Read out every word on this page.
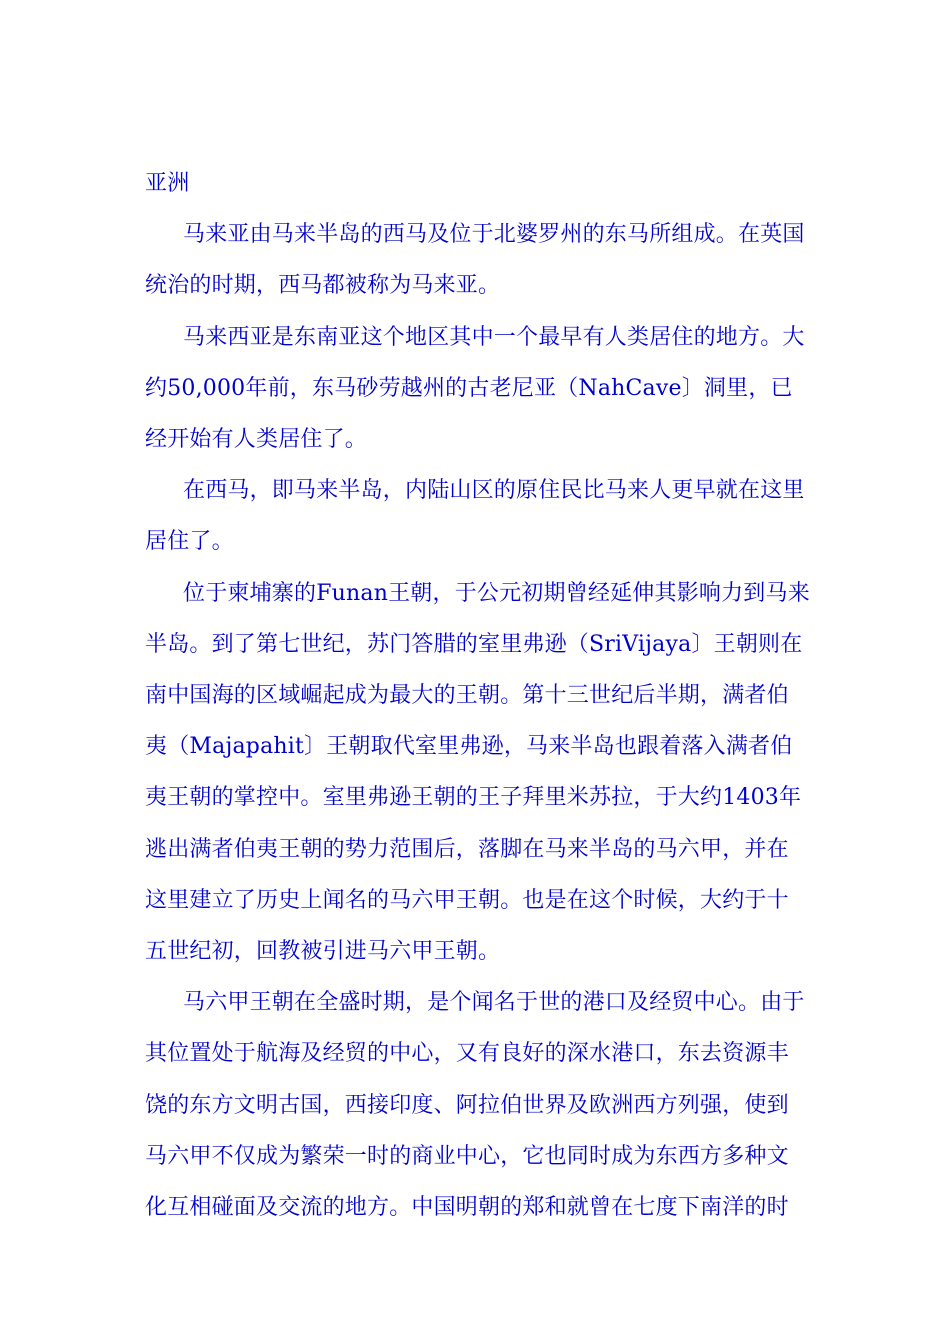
亚洲

马来亚由马来半岛的西马及位于北婆罗州的东马所组成。在英国统治的时期，西马都被称为马来亚。

马来西亚是东南亚这个地区其中一个最早有人类居住的地方。大约50,000年前，东马砂劳越州的古老尼亚（NahCave〕洞里，已经开始有人类居住了。

在西马，即马来半岛，内陆山区的原住民比马来人更早就在这里居住了。

位于柬埔寨的Funan王朝，于公元初期曾经延伸其影响力到马来半岛。到了第七世纪，苏门答腊的室里弗逊（SriVijaya〕王朝则在南中国海的区域崛起成为最大的王朝。第十三世纪后半期，满者伯夷（Majapahit〕王朝取代室里弗逊，马来半岛也跟着落入满者伯夷王朝的掌控中。室里弗逊王朝的王子拜里米苏拉，于大约1403年逃出满者伯夷王朝的势力范围后，落脚在马来半岛的马六甲，并在这里建立了历史上闻名的马六甲王朝。也是在这个时候，大约于十五世纪初，回教被引进马六甲王朝。

马六甲王朝在全盛时期，是个闻名于世的港口及经贸中心。由于其位置处于航海及经贸的中心，又有良好的深水港口，东去资源丰饶的东方文明古国，西接印度、阿拉伯世界及欧洲西方列强，使到马六甲不仅成为繁荣一时的商业中心，它也同时成为东西方多种文化互相碰面及交流的地方。中国明朝的郑和就曾在七度下南洋的时
